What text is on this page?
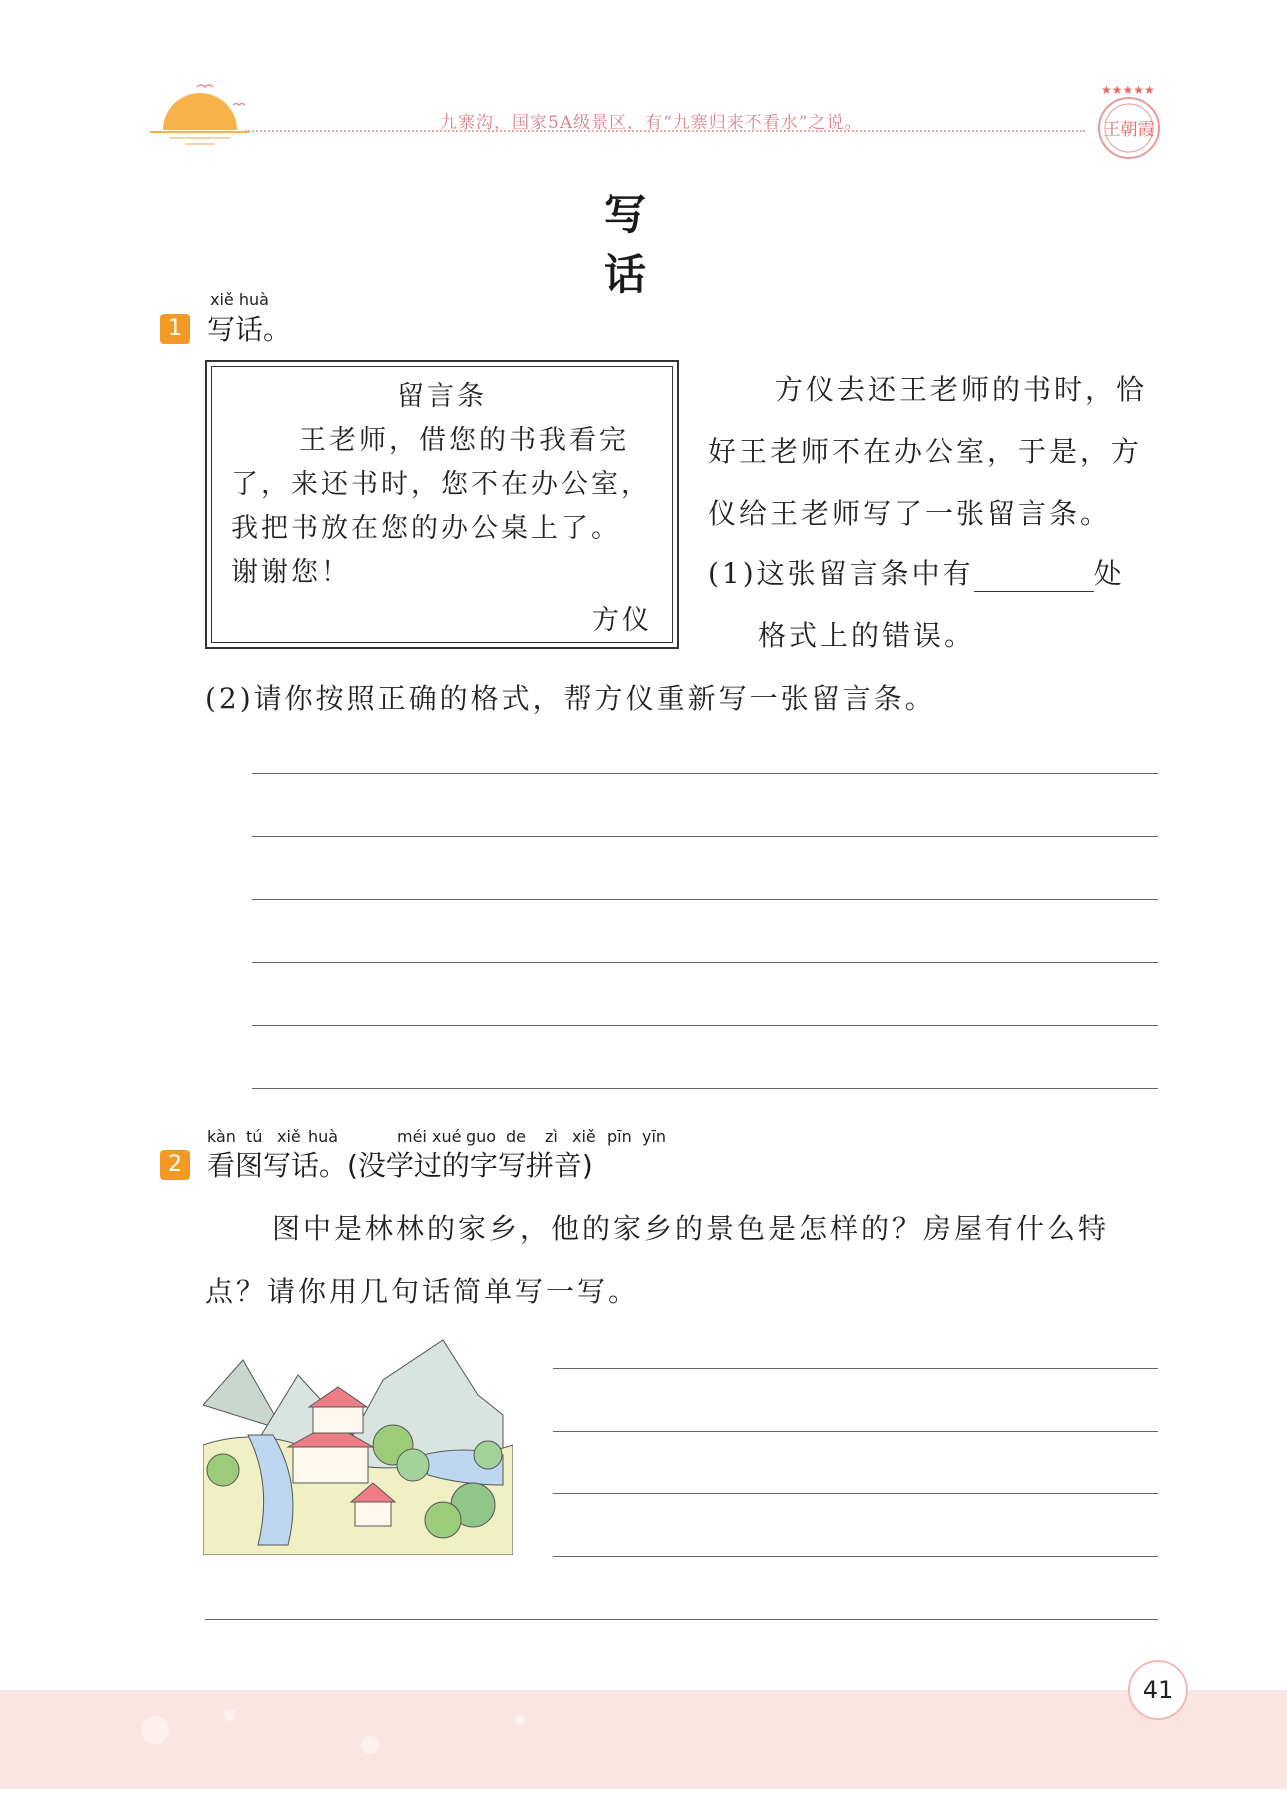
九寨沟，国家5A级景区，有“九寨归来不看水”之说。
★★★★★
王朝霞
写 话
xiě huà
1 写话。
留言条
王老师，借您的书我看完
了，来还书时，您不在办公室，
我把书放在您的办公桌上了。
谢谢您！
方仪
方仪去还王老师的书时，恰
好王老师不在办公室，于是，方
仪给王老师写了一张留言条。
(1)这张留言条中有	处
格式上的错误。
(2)请你按照正确的格式，帮方仪重新写一张留言条。
kàn tú xiě huà	méi xué guo de zì xiě pīn yīn
2 看图写话。(没学过的字写拼音)
图中是林林的家乡，他的家乡的景色是怎样的？房屋有什么特
点？请你用几句话简单写一写。
41
